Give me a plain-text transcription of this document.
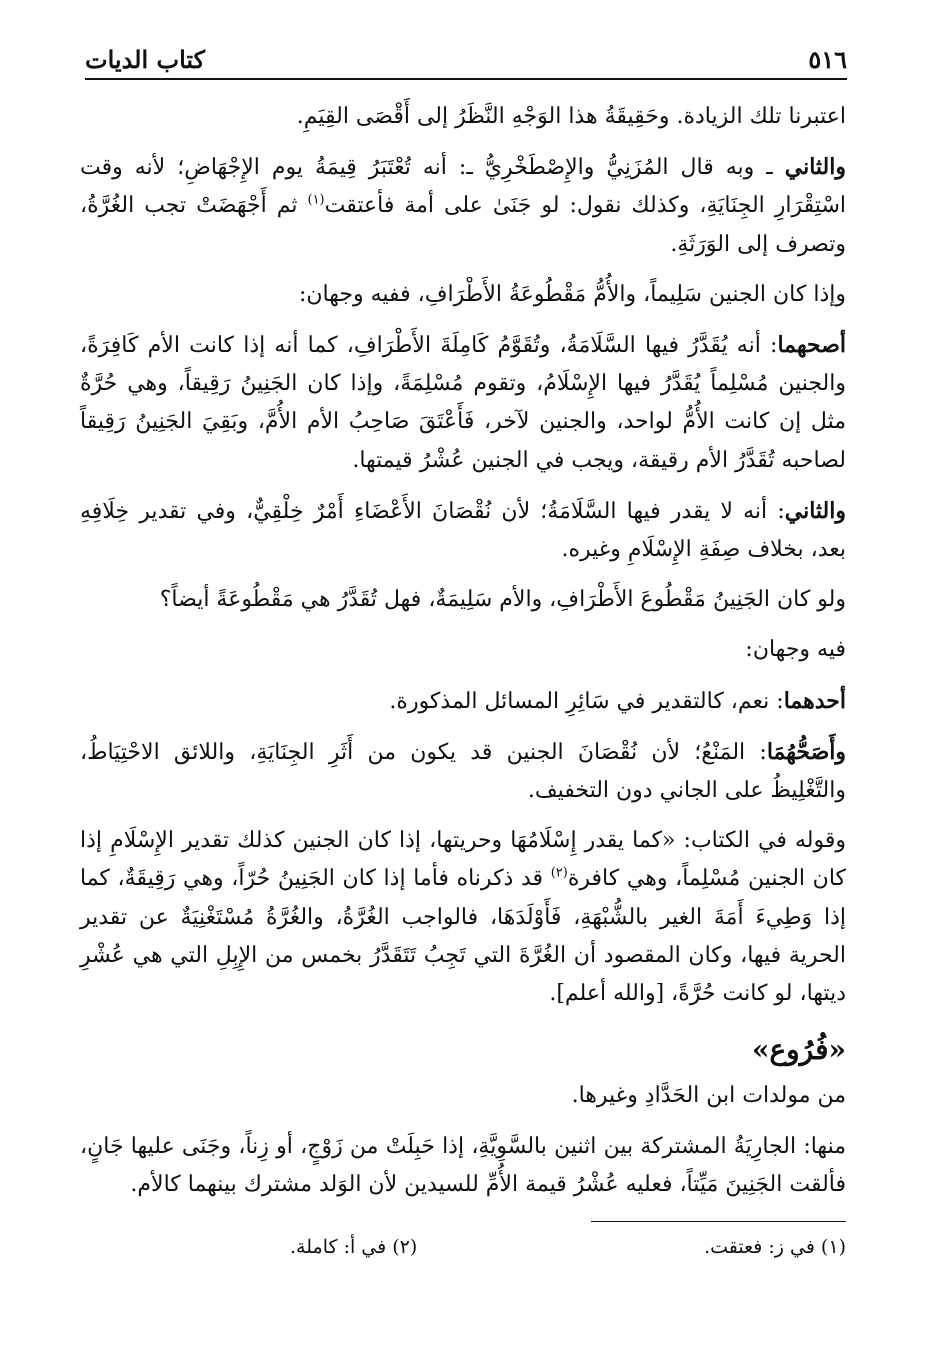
٥١٦
كتاب الديات

اعتبرنا تلك الزيادة. وحَقِيقَةُ هذا الوَجْهِ النَّظَرُ إلى أَقْصَى القِيَمِ.

والثاني ـ وبه قال المُزَنِيُّ والإِصْطَخْرِيُّ ـ: أنه تُعْتَبَرُ قِيمَةُ يوم الإِجْهَاضِ؛ لأنه وقت اسْتِقْرَارِ الجِنَايَةِ، وكذلك نقول: لو جَنَىٰ على أمة فأعتقت$^{(١)}$ ثم أَجْهَضَتْ تجب الغُرَّةُ، وتصرف إلى الوَرَثَةِ.

وإذا كان الجنين سَلِيماً، والأُمُّ مَقْطُوعَةُ الأَطْرَافِ، ففيه وجهان:

أصحهما: أنه يُقَدَّرُ فيها السَّلَامَةُ، وتُقَوَّمُ كَامِلَةَ الأَطْرَافِ، كما أنه إذا كانت الأم كَافِرَةً، والجنين مُسْلِماً يُقَدَّرُ فيها الإِسْلَامُ، وتقوم مُسْلِمَةً، وإذا كان الجَنِينُ رَقِيقاً، وهي حُرَّةٌ مثل إن كانت الأُمُّ لواحد، والجنين لآخر، فَأَعْتَقَ صَاحِبُ الأم الأُمَّ، وبَقِيَ الجَنِينُ رَقِيقاً لصاحبه تُقَدَّرُ الأم رقيقة، ويجب في الجنين عُشْرُ قيمتها.

والثاني: أنه لا يقدر فيها السَّلَامَةُ؛ لأن نُقْصَانَ الأَعْضَاءِ أَمْرٌ خِلْقِيٌّ، وفي تقدير خِلَافِهِ بعد، بخلاف صِفَةِ الإِسْلَامِ وغيره.

ولو كان الجَنِينُ مَقْطُوعَ الأَطْرَافِ، والأم سَلِيمَةٌ، فهل تُقَدَّرُ هي مَقْطُوعَةً أيضاً؟

فيه وجهان:

أحدهما: نعم، كالتقدير في سَائِرِ المسائل المذكورة.

وأَصَحُّهُمَا: المَنْعُ؛ لأن نُقْصَانَ الجنين قد يكون من أَثَرِ الجِنَايَةِ، واللائق الاحْتِيَاطُ، والتَّغْلِيظُ على الجاني دون التخفيف.

وقوله في الكتاب: «كما يقدر إِسْلَامُهَا وحريتها، إذا كان الجنين كذلك تقدير الإِسْلَامِ إذا كان الجنين مُسْلِماً، وهي كافرة$^{(٢)}$ قد ذكرناه فأما إذا كان الجَنِينُ حُرّاً، وهي رَقِيقَةٌ، كما إذا وَطِيءَ أَمَةَ الغير بالشُّبْهَةِ، فَأَوْلَدَهَا، فالواجب الغُرَّةُ، والغُرَّةُ مُسْتَغْنِيَةٌ عن تقدير الحرية فيها، وكان المقصود أن الغُرَّةَ التي تَجِبُ تَتَقَدَّرُ بخمس من الإِبِلِ التي هي عُشْرِ ديتها، لو كانت حُرَّةً، [والله أعلم].

«فُرُوع»

من مولدات ابن الحَدَّادِ وغيرها.

منها: الجارِيَةُ المشتركة بين اثنين بالسَّوِيَّةِ، إذا حَبِلَتْ من زَوْجٍ، أو زِناً، وجَنَى عليها جَانٍ، فألقت الجَنِينَ مَيِّتاً، فعليه عُشْرُ قيمة الأُمِّ للسيدين لأن الوَلد مشترك بينهما كالأم.

(١) في ز: فعتقت.
(٢) في أ: كاملة.
